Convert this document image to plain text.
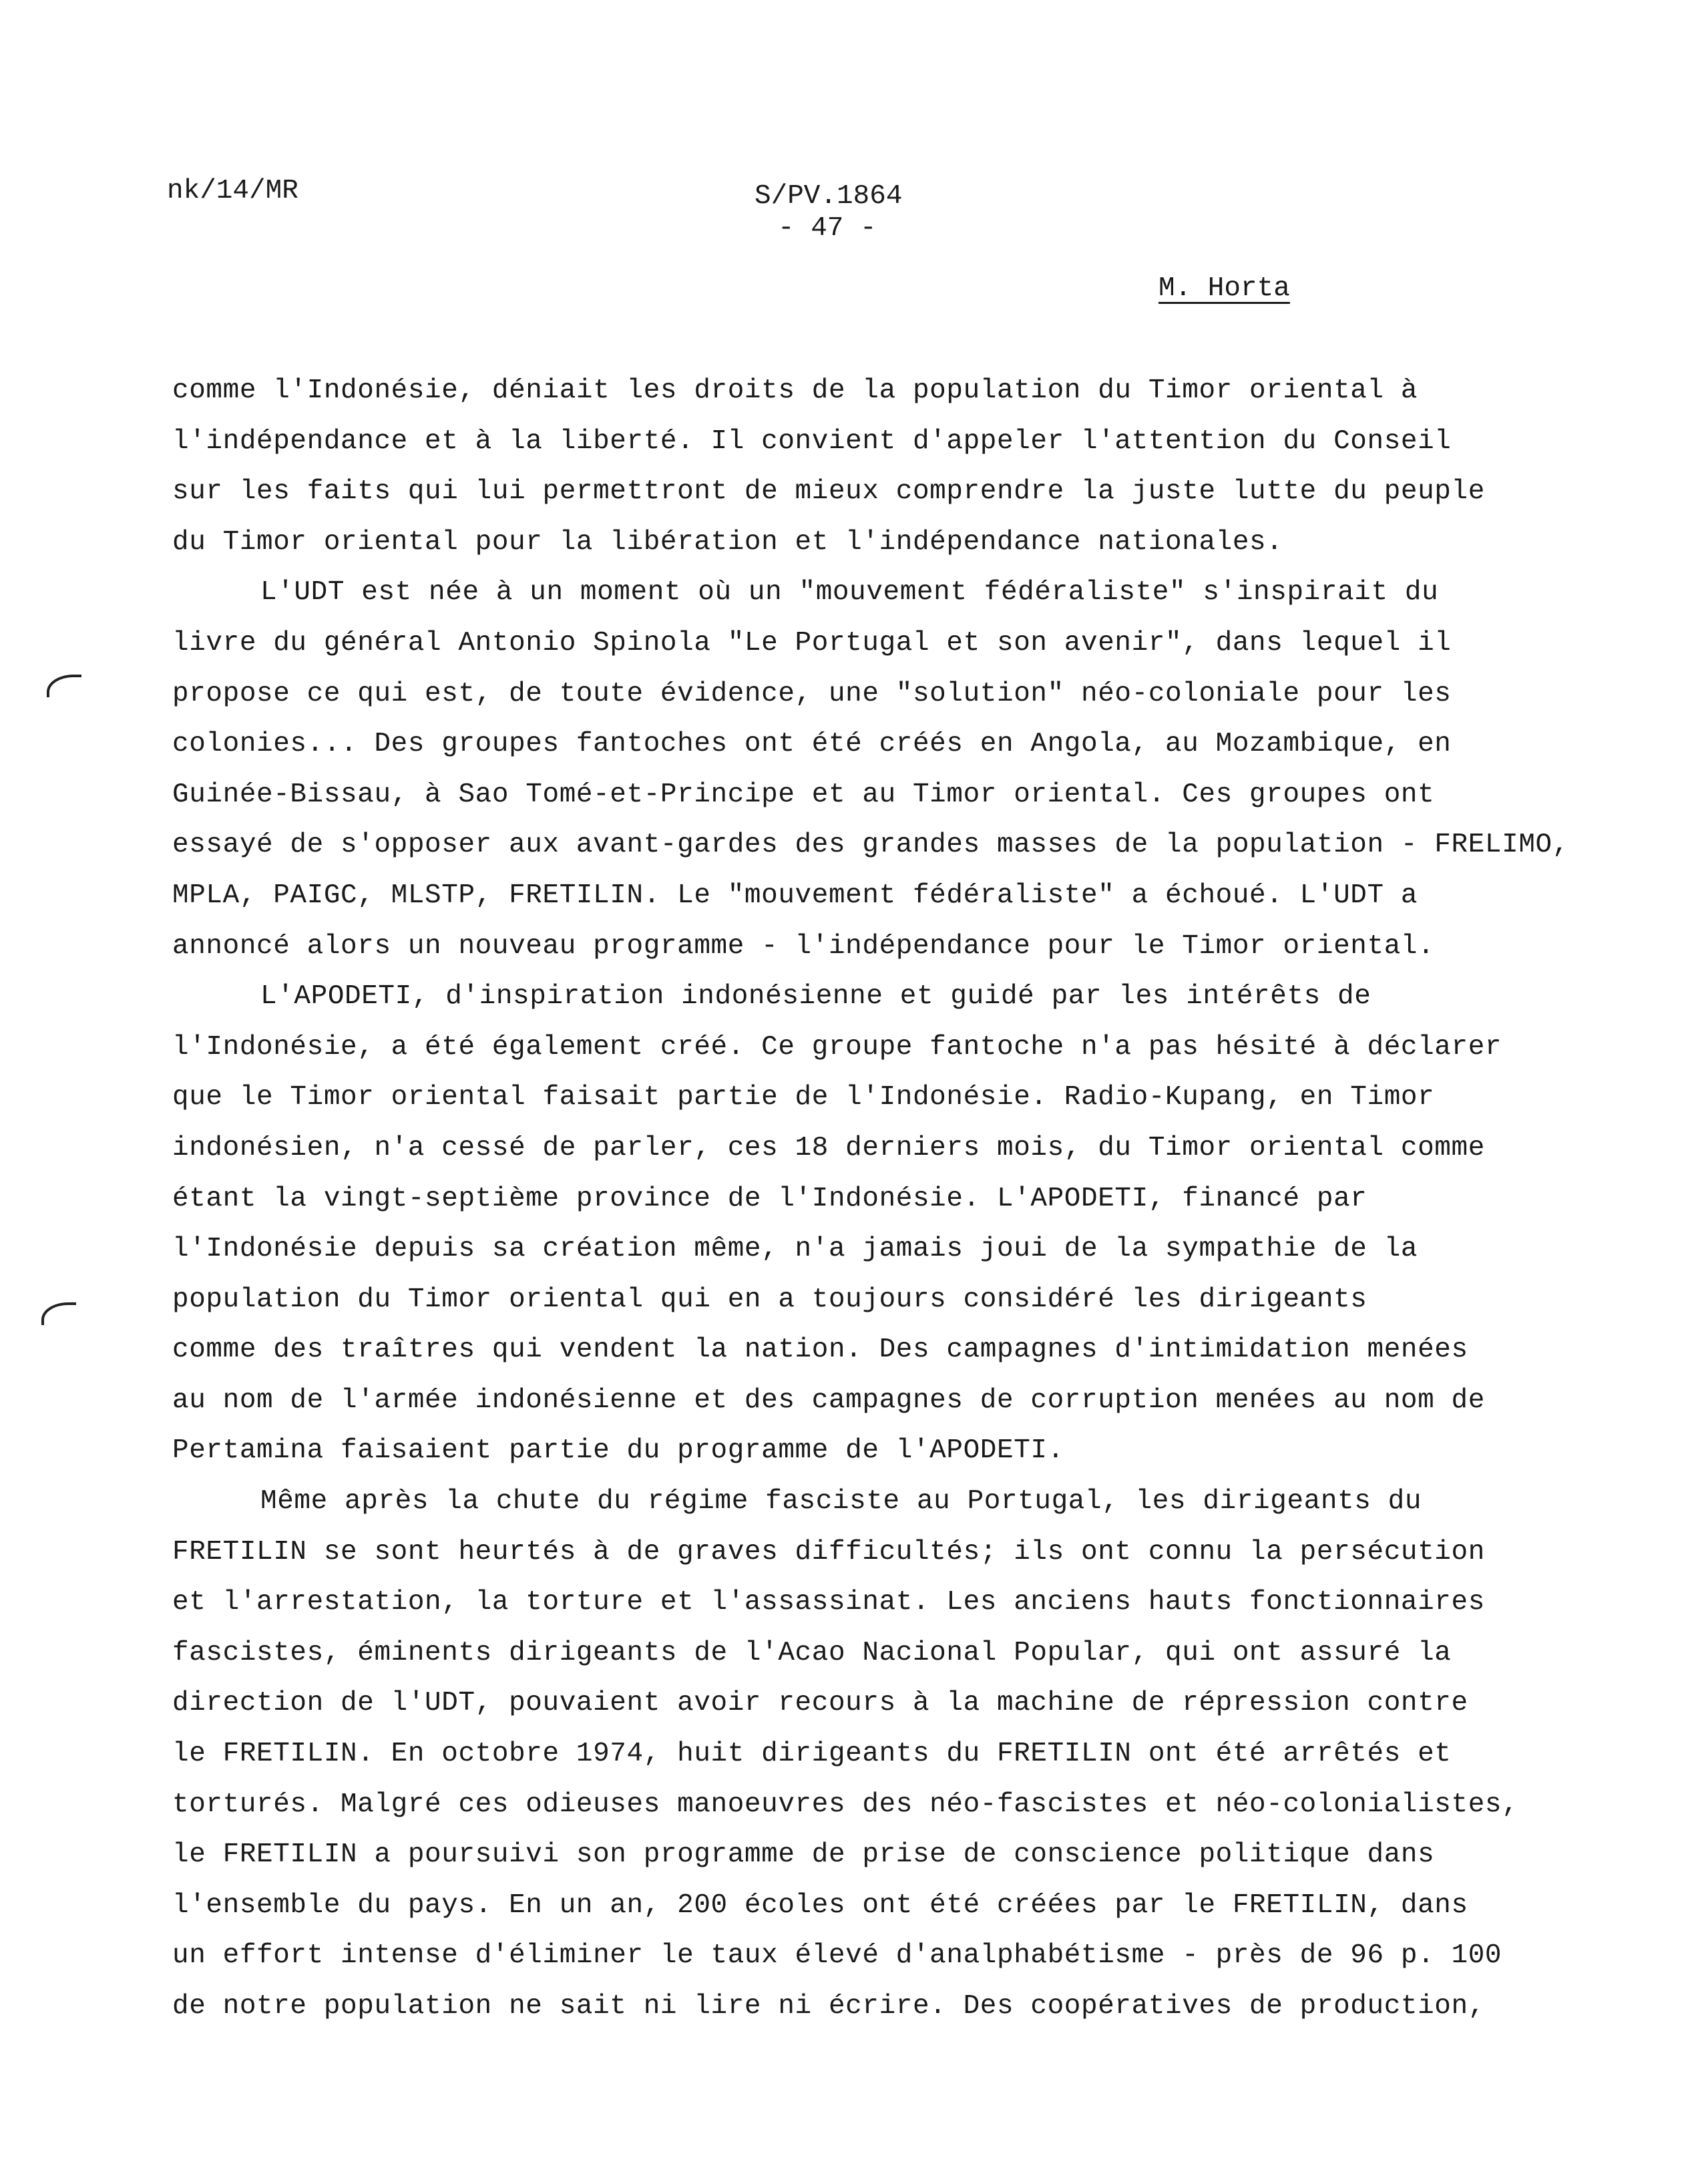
nk/14/MR	S/PV.1864
- 47 -
M. Horta
comme l'Indonésie, déniait les droits de la population du Timor oriental à
l'indépendance et à la liberté. Il convient d'appeler l'attention du Conseil
sur les faits qui lui permettront de mieux comprendre la juste lutte du peuple
du Timor oriental pour la libération et l'indépendance nationales.
L'UDT est née à un moment où un "mouvement fédéraliste" s'inspirait du
livre du général Antonio Spinola "Le Portugal et son avenir", dans lequel il
propose ce qui est, de toute évidence, une "solution" néo-coloniale pour les
colonies... Des groupes fantoches ont été créés en Angola, au Mozambique, en
Guinée-Bissau, à Sao Tomé-et-Principe et au Timor oriental. Ces groupes ont
essayé de s'opposer aux avant-gardes des grandes masses de la population - FRELIMO,
MPLA, PAIGC, MLSTP, FRETILIN. Le "mouvement fédéraliste" a échoué. L'UDT a
annoncé alors un nouveau programme - l'indépendance pour le Timor oriental.
L'APODETI, d'inspiration indonésienne et guidé par les intérêts de
l'Indonésie, a été également créé. Ce groupe fantoche n'a pas hésité à déclarer
que le Timor oriental faisait partie de l'Indonésie. Radio-Kupang, en Timor
indonésien, n'a cessé de parler, ces 18 derniers mois, du Timor oriental comme
étant la vingt-septième province de l'Indonésie. L'APODETI, financé par
l'Indonésie depuis sa création même, n'a jamais joui de la sympathie de la
population du Timor oriental qui en a toujours considéré les dirigeants
comme des traîtres qui vendent la nation. Des campagnes d'intimidation menées
au nom de l'armée indonésienne et des campagnes de corruption menées au nom de
Pertamina faisaient partie du programme de l'APODETI.
Même après la chute du régime fasciste au Portugal, les dirigeants du
FRETILIN se sont heurtés à de graves difficultés; ils ont connu la persécution
et l'arrestation, la torture et l'assassinat. Les anciens hauts fonctionnaires
fascistes, éminents dirigeants de l'Acao Nacional Popular, qui ont assuré la
direction de l'UDT, pouvaient avoir recours à la machine de répression contre
le FRETILIN. En octobre 1974, huit dirigeants du FRETILIN ont été arrêtés et
torturés. Malgré ces odieuses manoeuvres des néo-fascistes et néo-colonialistes,
le FRETILIN a poursuivi son programme de prise de conscience politique dans
l'ensemble du pays. En un an, 200 écoles ont été créées par le FRETILIN, dans
un effort intense d'éliminer le taux élevé d'analphabétisme - près de 96 p. 100
de notre population ne sait ni lire ni écrire. Des coopératives de production,
